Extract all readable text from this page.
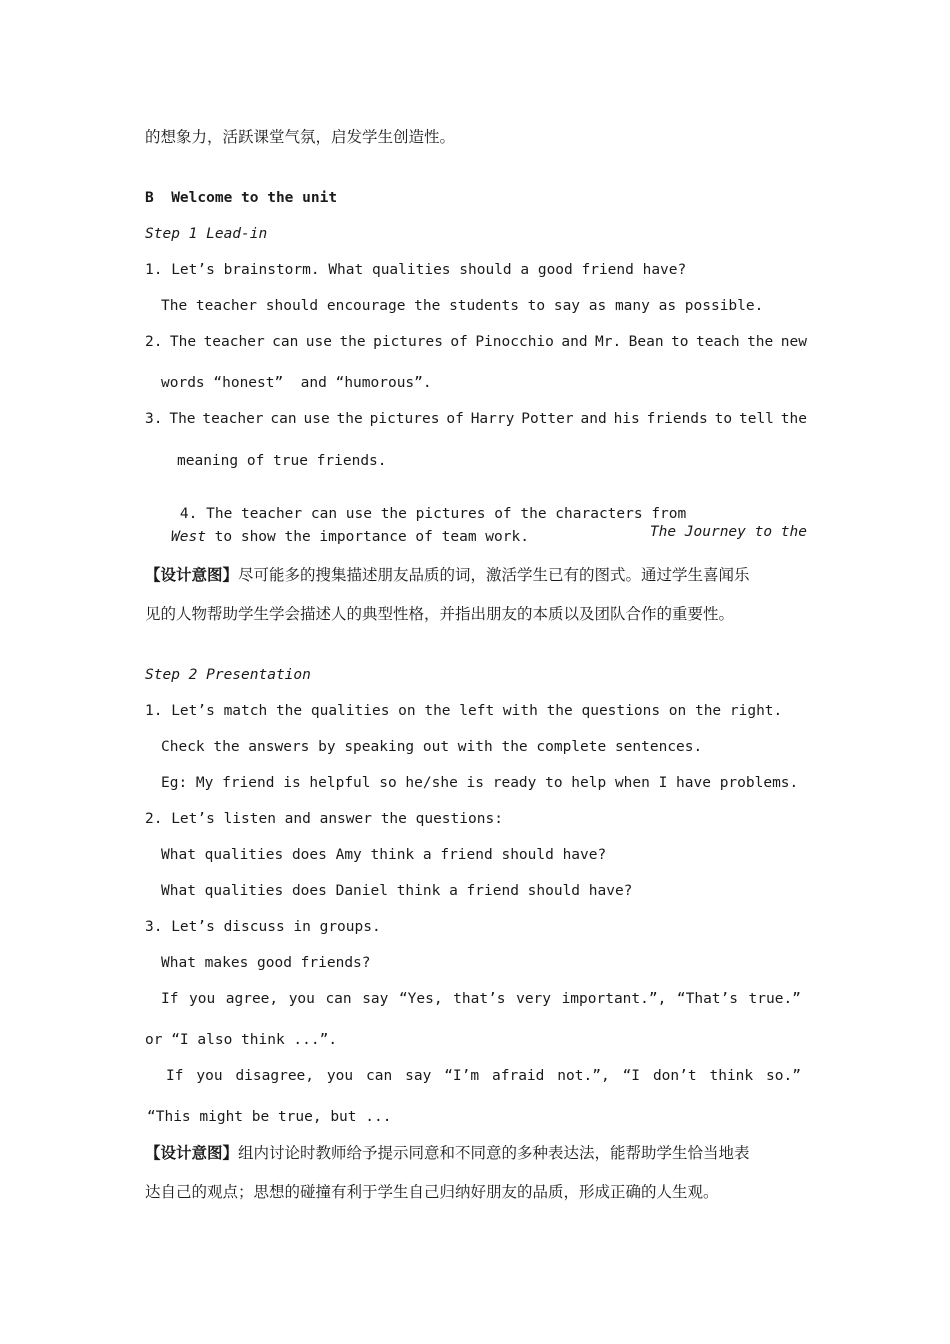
的想象力，活跃课堂气氛，启发学生创造性。
B  Welcome to the unit
Step 1 Lead-in
1. Let’s brainstorm. What qualities should a good friend have?
The teacher should encourage the students to say as many as possible.
2. The teacher can use the pictures of Pinocchio and Mr. Bean to teach the new
words “honest”  and “humorous”.
3. The teacher can use the pictures of Harry Potter and his friends to tell the
meaning of true friends.

4. The teacher can use the pictures of the characters from

The Journey to the

West to show the importance of team work.
【设计意图】尽可能多的搜集描述朋友品质的词，激活学生已有的图式。通过学生喜闻乐
见的人物帮助学生学会描述人的典型性格，并指出朋友的本质以及团队合作的重要性。
Step 2 Presentation
1. Let’s match the qualities on the left with the questions on the right.
Check the answers by speaking out with the complete sentences.
Eg: My friend is helpful so he/she is ready to help when I have problems.
2. Let’s listen and answer the questions:
What qualities does Amy think a friend should have?
What qualities does Daniel think a friend should have?
3. Let’s discuss in groups.
What makes good friends?
If you agree, you can say “Yes, that’s very important.”, “That’s true.”
or “I also think ...”.
If you disagree, you can say “I’m afraid not.”, “I don’t think so.”
“This might be true, but ...
【设计意图】组内讨论时教师给予提示同意和不同意的多种表达法，能帮助学生恰当地表
达自己的观点；思想的碰撞有利于学生自己归纳好朋友的品质，形成正确的人生观。
